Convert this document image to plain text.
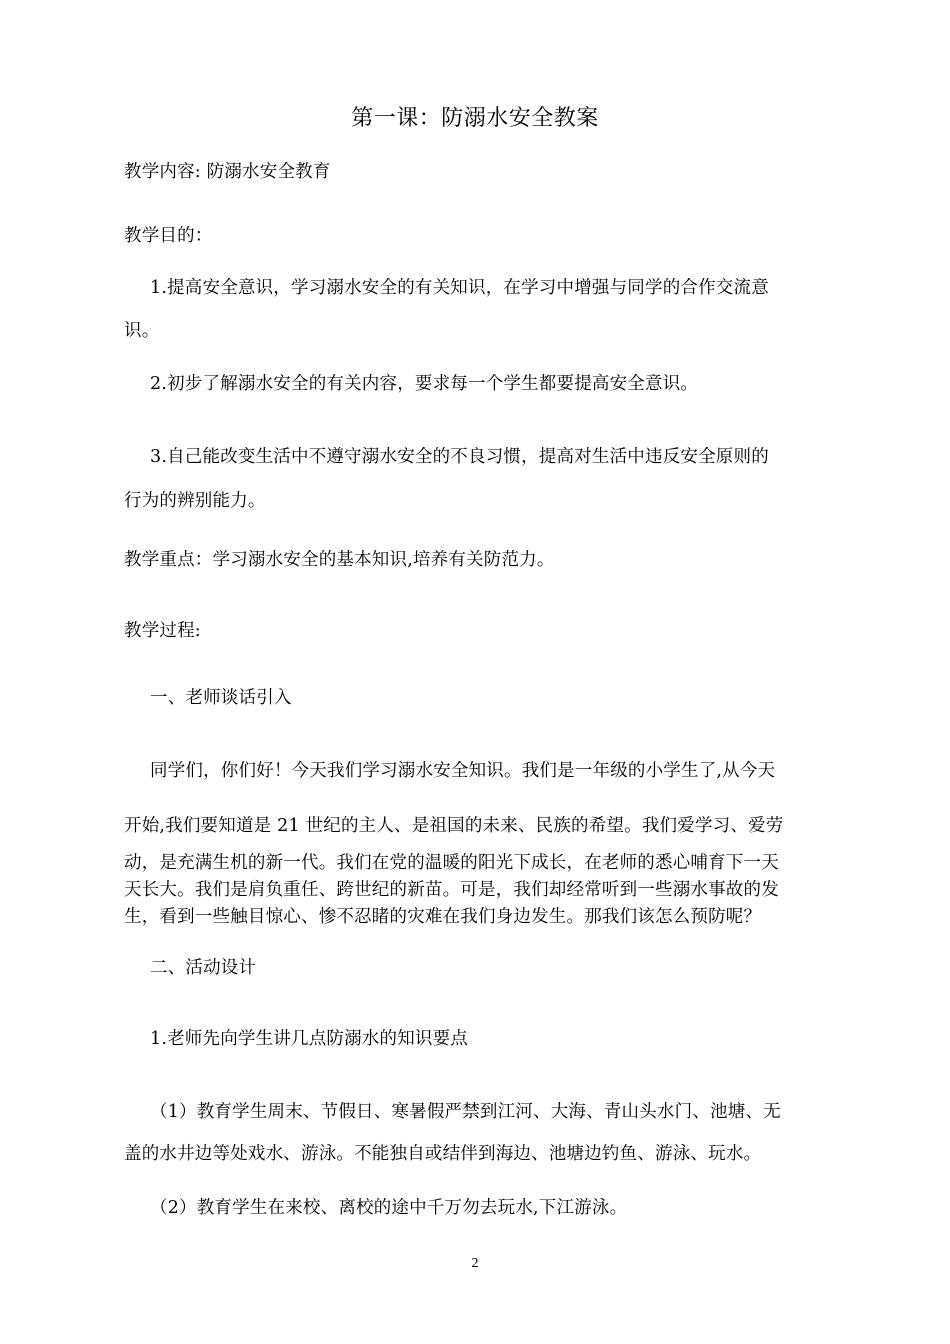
第一课：防溺水安全教案
教学内容: 防溺水安全教育
教学目的：
1.提高安全意识，学习溺水安全的有关知识，在学习中增强与同学的合作交流意
识。
2.初步了解溺水安全的有关内容，要求每一个学生都要提高安全意识。
3.自己能改变生活中不遵守溺水安全的不良习惯，提高对生活中违反安全原则的
行为的辨别能力。
教学重点：学习溺水安全的基本知识,培养有关防范力。
教学过程:
一、老师谈话引入
同学们，你们好！今天我们学习溺水安全知识。我们是一年级的小学生了,从今天
开始,我们要知道是 21 世纪的主人、是祖国的未来、民族的希望。我们爱学习、爱劳
动，是充满生机的新一代。我们在党的温暖的阳光下成长，在老师的悉心哺育下一天
天长大。我们是肩负重任、跨世纪的新苗。可是，我们却经常听到一些溺水事故的发
生，看到一些触目惊心、惨不忍睹的灾难在我们身边发生。那我们该怎么预防呢？
二、活动设计
1.老师先向学生讲几点防溺水的知识要点
（1）教育学生周末、节假日、寒暑假严禁到江河、大海、青山头水门、池塘、无
盖的水井边等处戏水、游泳。不能独自或结伴到海边、池塘边钓鱼、游泳、玩水。
（2）教育学生在来校、离校的途中千万勿去玩水,下江游泳。
2
